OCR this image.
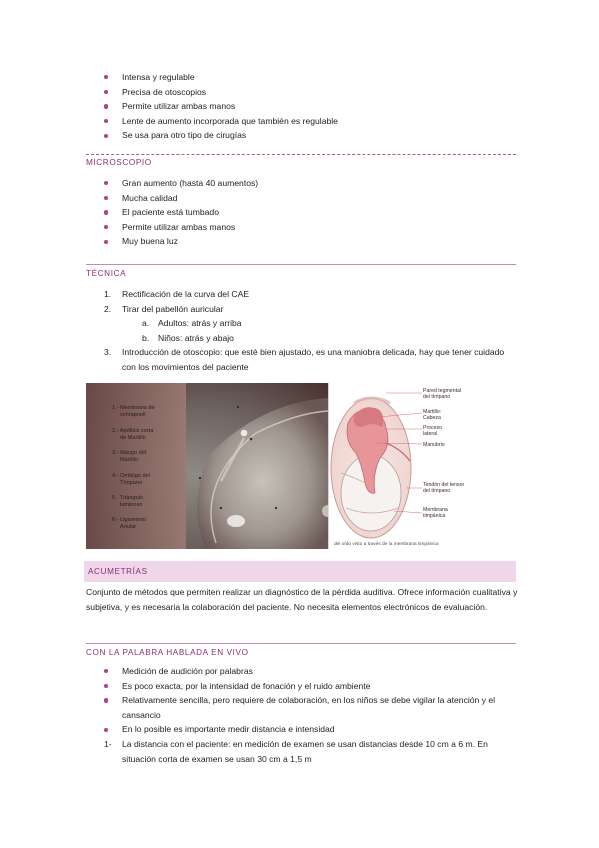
Intensa y regulable
Precisa de otoscopios
Permite utilizar ambas manos
Lente de aumento incorporada que también es regulable
Se usa para otro tipo de cirugías
MICROSCOPIO
Gran aumento (hasta 40 aumentos)
Mucha calidad
El paciente está tumbado
Permite utilizar ambas manos
Muy buena luz
TÉCNICA
1. Rectificación de la curva del CAE
2. Tirar del pabellón auricular
a. Adultos: atrás y arriba
b. Niños: atrás y abajo
3. Introducción de otoscopio: que esté bien ajustado, es una maniobra delicada, hay que tener cuidado con los movimientos del paciente
1.- Membrana de schrapnell
2.- Apófisis corta de Martillo
3.- Mango del Martillo
4.- Ombligo del Tímpano
5.- Triángulo luminoso
6.- Ligamento Anular
Pared tegmental del tímpano
Martillo: Cabeza
Proceso lateral
Manubrio
Tendón del tensor del tímpano
Membrana timpánica
del oído visto a través de la membrana timpánica
ACUMETRÍAS
Conjunto de métodos que permiten realizar un diagnóstico de la pérdida auditiva. Ofrece información cualitativa y subjetiva, y es necesaria la colaboración del paciente. No necesita elementos electrónicos de evaluación.
CON LA PALABRA HABLADA EN VIVO
Medición de audición por palabras
Es poco exacta, por la intensidad de fonación y el ruido ambiente
Relativamente sencilla, pero requiere de colaboración, en los niños se debe vigilar la atención y el cansancio
En lo posible es importante medir distancia e intensidad
1- La distancia con el paciente: en medición de examen se usan distancias desde 10 cm a 6 m. En situación corta de examen se usan 30 cm a 1,5 m
